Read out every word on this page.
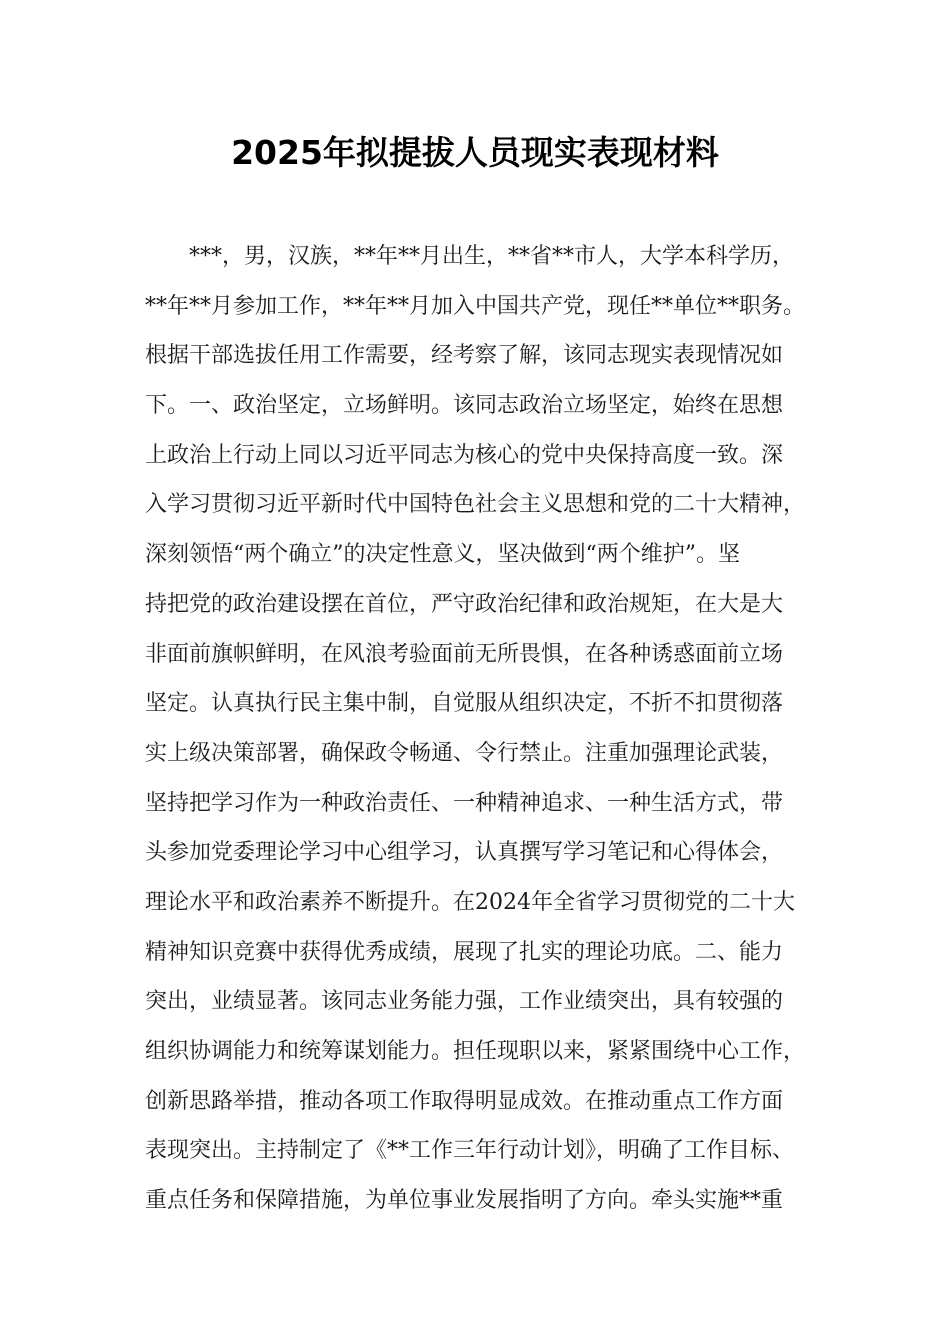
2025年拟提拔人员现实表现材料
***，男，汉族，**年**月出生，**省**市人，大学本科学历，
**年**月参加工作，**年**月加入中国共产党，现任**单位**职务。
根据干部选拔任用工作需要，经考察了解，该同志现实表现情况如
下。一、政治坚定，立场鲜明。该同志政治立场坚定，始终在思想
上政治上行动上同以习近平同志为核心的党中央保持高度一致。深
入学习贯彻习近平新时代中国特色社会主义思想和党的二十大精神，
深刻领悟“两个确立”的决定性意义，坚决做到“两个维护”。坚
持把党的政治建设摆在首位，严守政治纪律和政治规矩，在大是大
非面前旗帜鲜明，在风浪考验面前无所畏惧，在各种诱惑面前立场
坚定。认真执行民主集中制，自觉服从组织决定，不折不扣贯彻落
实上级决策部署，确保政令畅通、令行禁止。注重加强理论武装，
坚持把学习作为一种政治责任、一种精神追求、一种生活方式，带
头参加党委理论学习中心组学习，认真撰写学习笔记和心得体会，
理论水平和政治素养不断提升。在2024年全省学习贯彻党的二十大
精神知识竞赛中获得优秀成绩，展现了扎实的理论功底。二、能力
突出，业绩显著。该同志业务能力强，工作业绩突出，具有较强的
组织协调能力和统筹谋划能力。担任现职以来，紧紧围绕中心工作，
创新思路举措，推动各项工作取得明显成效。在推动重点工作方面
表现突出。主持制定了《**工作三年行动计划》，明确了工作目标、
重点任务和保障措施，为单位事业发展指明了方向。牵头实施**重
